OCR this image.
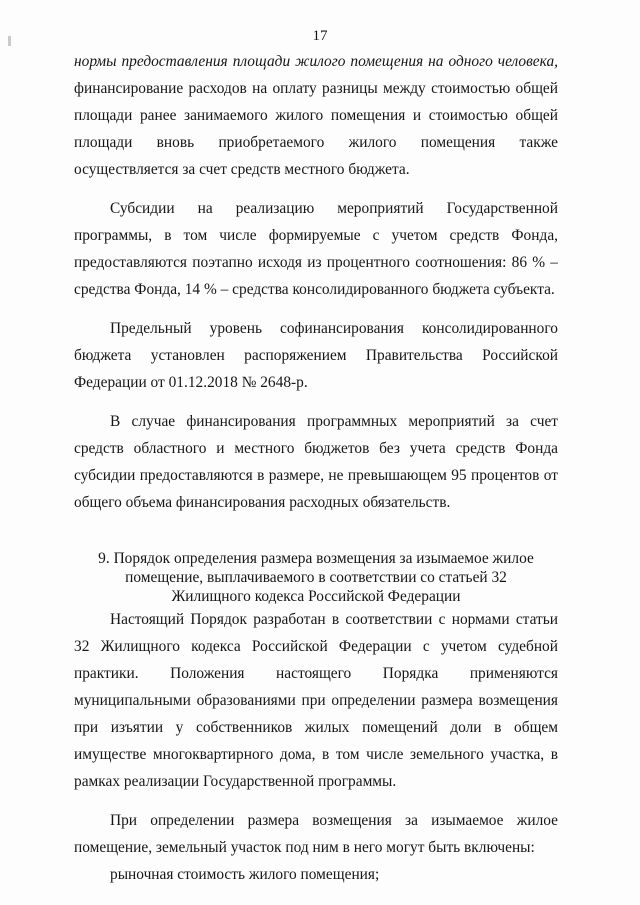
17

нормы предоставления площади жилого помещения на одного человека, финансирование расходов на оплату разницы между стоимостью общей площади ранее занимаемого жилого помещения и стоимостью общей площади вновь приобретаемого жилого помещения также осуществляется за счет средств местного бюджета.

Субсидии на реализацию мероприятий Государственной программы, в том числе формируемые с учетом средств Фонда, предоставляются поэтапно исходя из процентного соотношения: 86 % – средства Фонда, 14 % – средства консолидированного бюджета субъекта.

Предельный уровень софинансирования консолидированного бюджета установлен распоряжением Правительства Российской Федерации от 01.12.2018 № 2648-р.

В случае финансирования программных мероприятий за счет средств областного и местного бюджетов без учета средств Фонда субсидии предоставляются в размере, не превышающем 95 процентов от общего объема финансирования расходных обязательств.

9. Порядок определения размера возмещения за изымаемое жилое помещение, выплачиваемого в соответствии со статьей 32 Жилищного кодекса Российской Федерации

Настоящий Порядок разработан в соответствии с нормами статьи 32 Жилищного кодекса Российской Федерации с учетом судебной практики. Положения настоящего Порядка применяются муниципальными образованиями при определении размера возмещения при изъятии у собственников жилых помещений доли в общем имуществе многоквартирного дома, в том числе земельного участка, в рамках реализации Государственной программы.

При определении размера возмещения за изымаемое жилое помещение, земельный участок под ним в него могут быть включены:

рыночная стоимость жилого помещения;
